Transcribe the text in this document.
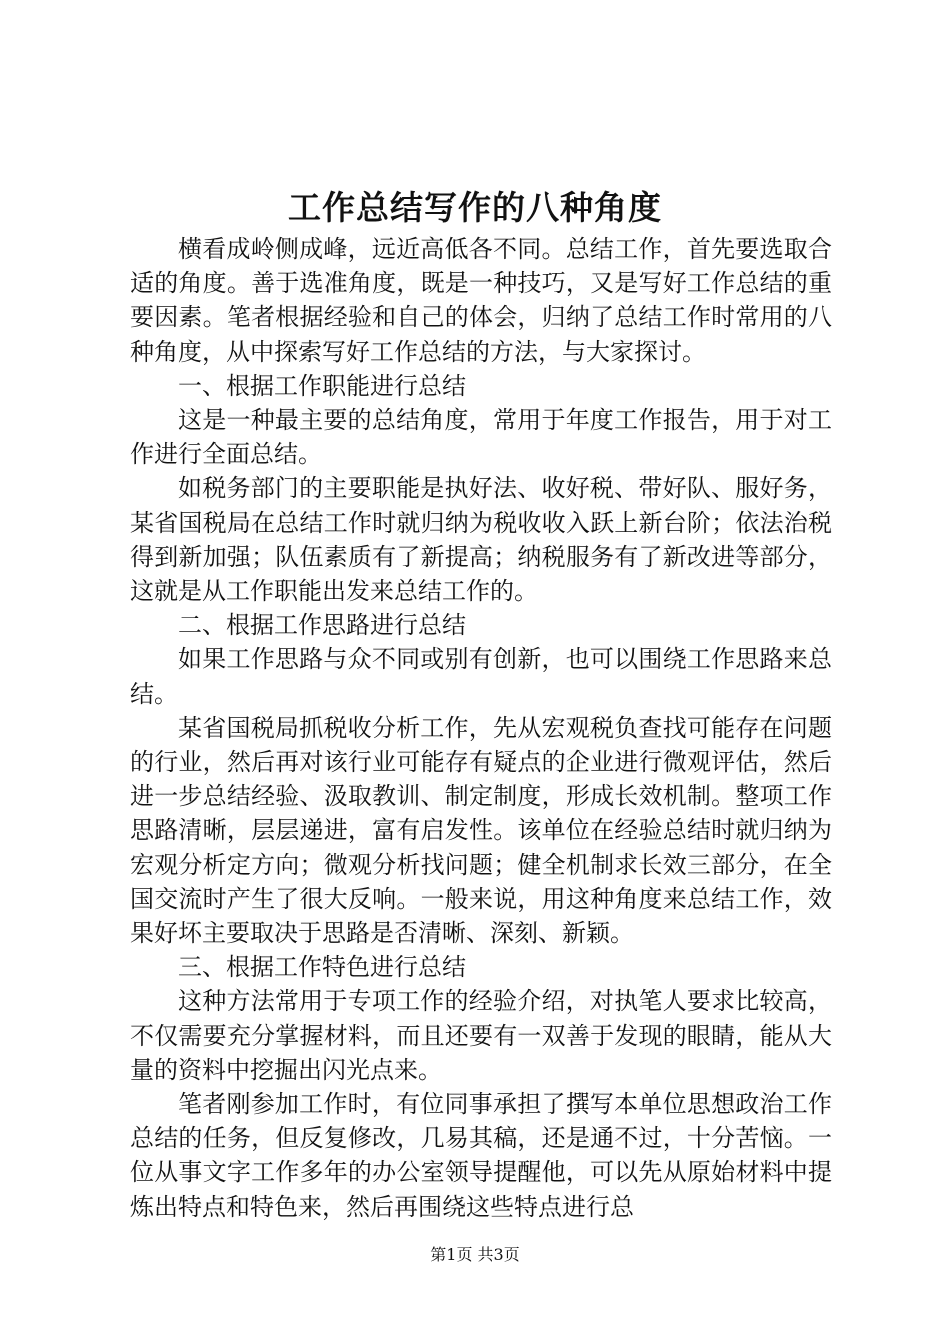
工作总结写作的八种角度

横看成岭侧成峰，远近高低各不同。总结工作，首先要选取合适的角度。善于选准角度，既是一种技巧，又是写好工作总结的重要因素。笔者根据经验和自己的体会，归纳了总结工作时常用的八种角度，从中探索写好工作总结的方法，与大家探讨。

一、根据工作职能进行总结

这是一种最主要的总结角度，常用于年度工作报告，用于对工作进行全面总结。

如税务部门的主要职能是执好法、收好税、带好队、服好务，某省国税局在总结工作时就归纳为税收收入跃上新台阶；依法治税得到新加强；队伍素质有了新提高；纳税服务有了新改进等部分，这就是从工作职能出发来总结工作的。

二、根据工作思路进行总结

如果工作思路与众不同或别有创新，也可以围绕工作思路来总结。

某省国税局抓税收分析工作，先从宏观税负查找可能存在问题的行业，然后再对该行业可能存有疑点的企业进行微观评估，然后进一步总结经验、汲取教训、制定制度，形成长效机制。整项工作思路清晰，层层递进，富有启发性。该单位在经验总结时就归纳为宏观分析定方向；微观分析找问题；健全机制求长效三部分，在全国交流时产生了很大反响。一般来说，用这种角度来总结工作，效果好坏主要取决于思路是否清晰、深刻、新颖。

三、根据工作特色进行总结

这种方法常用于专项工作的经验介绍，对执笔人要求比较高，不仅需要充分掌握材料，而且还要有一双善于发现的眼睛，能从大量的资料中挖掘出闪光点来。

笔者刚参加工作时，有位同事承担了撰写本单位思想政治工作总结的任务，但反复修改，几易其稿，还是通不过，十分苦恼。一位从事文字工作多年的办公室领导提醒他，可以先从原始材料中提炼出特点和特色来，然后再围绕这些特点进行总

第1页 共3页
